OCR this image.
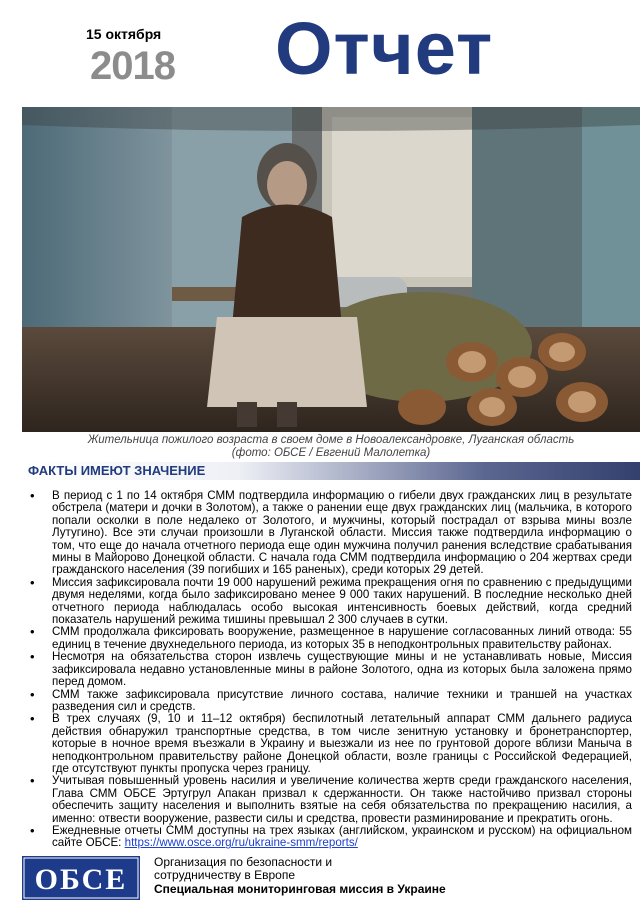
15 октября
2018 Отчет
Жительница пожилого возраста в своем доме в Новоалександровке, Луганская область
(фото: ОБСЕ / Евгений Малолетка)
ФАКТЫ ИМЕЮТ ЗНАЧЕНИЕ
• В период с 1 по 14 октября СММ подтвердила информацию о гибели двух гражданских лиц в результате обстрела (матери и дочки в Золотом), а также о ранении еще двух гражданских лиц (мальчика, в которого попали осколки в поле недалеко от Золотого, и мужчины, который пострадал от взрыва мины возле Лутугино). Все эти случаи произошли в Луганской области. Миссия также подтвердила информацию о том, что еще до начала отчетного периода еще один мужчина получил ранения вследствие срабатывания мины в Майорово Донецкой области. С начала года СММ подтвердила информацию о 204 жертвах среди гражданского населения (39 погибших и 165 раненых), среди которых 29 детей.
• Миссия зафиксировала почти 19 000 нарушений режима прекращения огня по сравнению с предыдущими двумя неделями, когда было зафиксировано менее 9 000 таких нарушений. В последние несколько дней отчетного периода наблюдалась особо высокая интенсивность боевых действий, когда средний показатель нарушений режима тишины превышал 2 300 случаев в сутки.
• СММ продолжала фиксировать вооружение, размещенное в нарушение согласованных линий отвода: 55 единиц в течение двухнедельного периода, из которых 35 в неподконтрольных правительству районах.
• Несмотря на обязательства сторон извлечь существующие мины и не устанавливать новые, Миссия зафиксировала недавно установленные мины в районе Золотого, одна из которых была заложена прямо перед домом.
• СММ также зафиксировала присутствие личного состава, наличие техники и траншей на участках разведения сил и средств.
• В трех случаях (9, 10 и 11–12 октября) беспилотный летательный аппарат СММ дальнего радиуса действия обнаружил транспортные средства, в том числе зенитную установку и бронетранспортер, которые в ночное время въезжали в Украину и выезжали из нее по грунтовой дороге вблизи Маныча в неподконтрольном правительству районе Донецкой области, возле границы с Российской Федерацией, где отсутствуют пункты пропуска через границу.
• Учитывая повышенный уровень насилия и увеличение количества жертв среди гражданского населения, Глава СММ ОБСЕ Эртугрул Апакан призвал к сдержанности. Он также настойчиво призвал стороны обеспечить защиту населения и выполнить взятые на себя обязательства по прекращению насилия, а именно: отвести вооружение, развести силы и средства, провести разминирование и прекратить огонь.
• Ежедневные отчеты СММ доступны на трех языках (английском, украинском и русском) на официальном сайте ОБСЕ: https://www.osce.org/ru/ukraine-smm/reports/
ОБСЕ
Организация по безопасности и
сотрудничеству в Европе
Специальная мониторинговая миссия в Украине
